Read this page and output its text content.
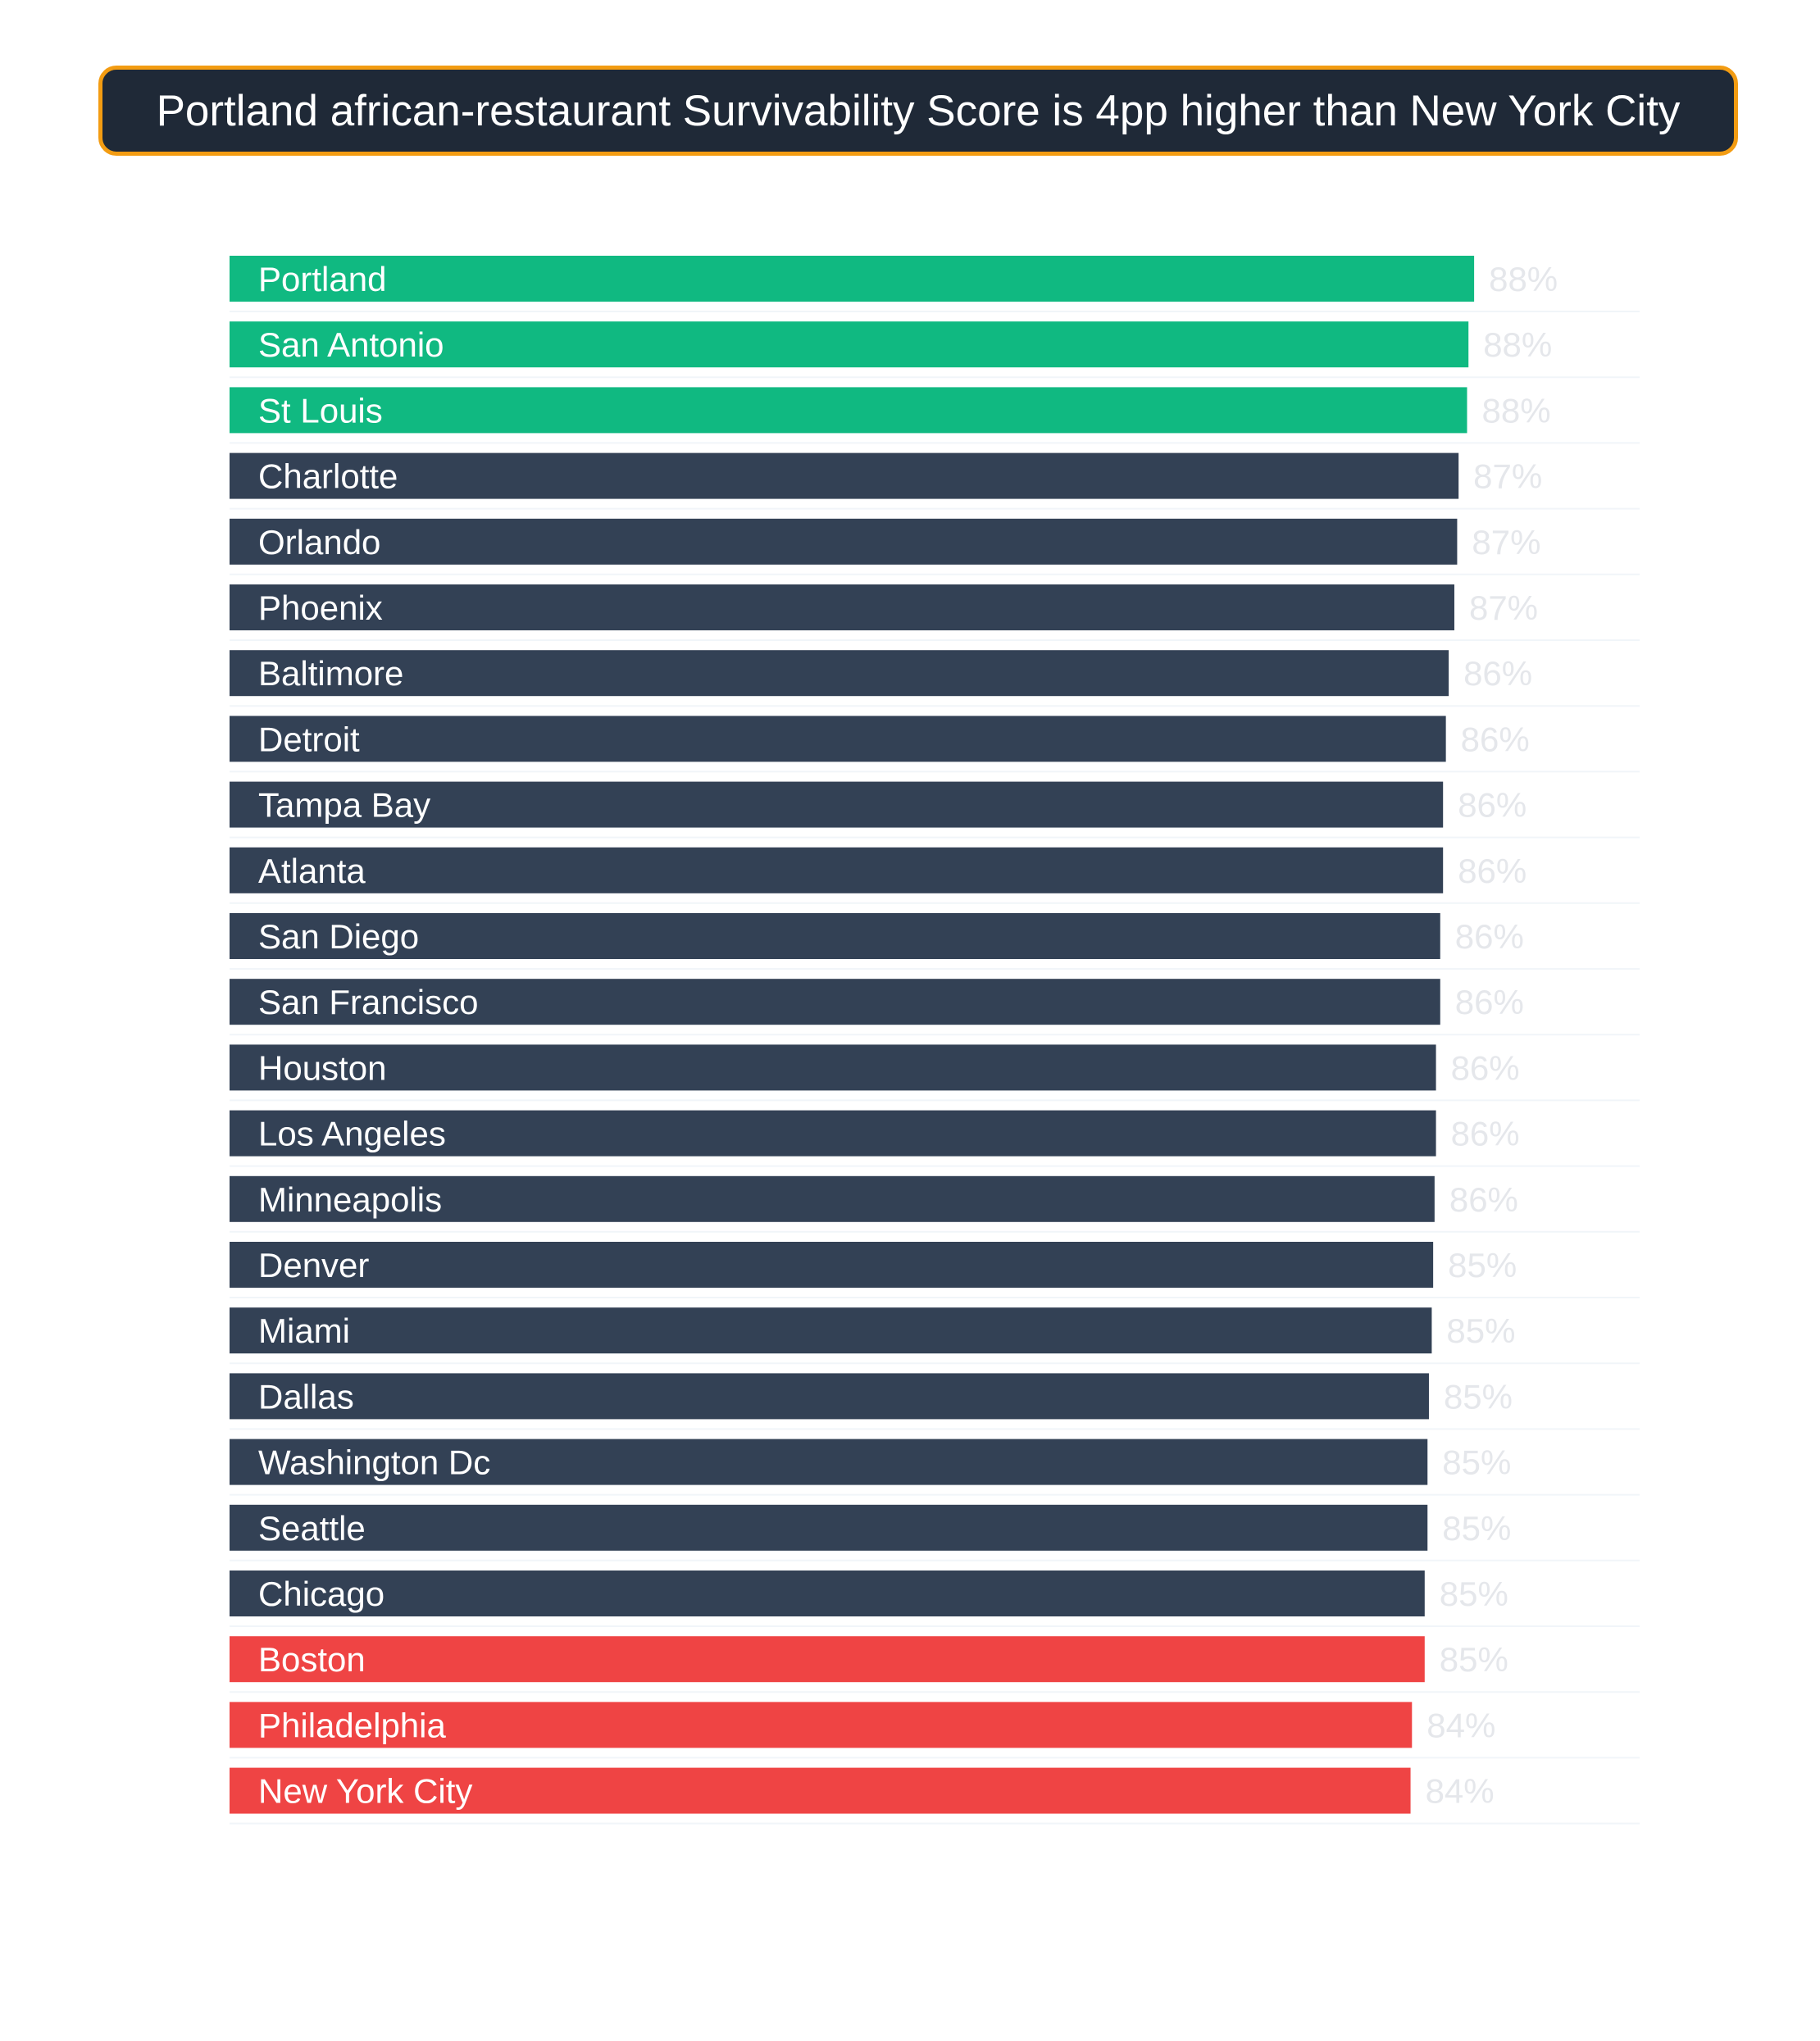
Portland african-restaurant Survivability Score is 4pp higher than New York City
Portland	88%
San Antonio	88%
St Louis	88%
Charlotte	87%
Orlando	87%
Phoenix	87%
Baltimore	86%
Detroit	86%
Tampa Bay	86%
Atlanta	86%
San Diego	86%
San Francisco	86%
Houston	86%
Los Angeles	86%
Minneapolis	86%
Denver	85%
Miami	85%
Dallas	85%
Washington Dc	85%
Seattle	85%
Chicago	85%
Boston	85%
Philadelphia	84%
New York City	84%
